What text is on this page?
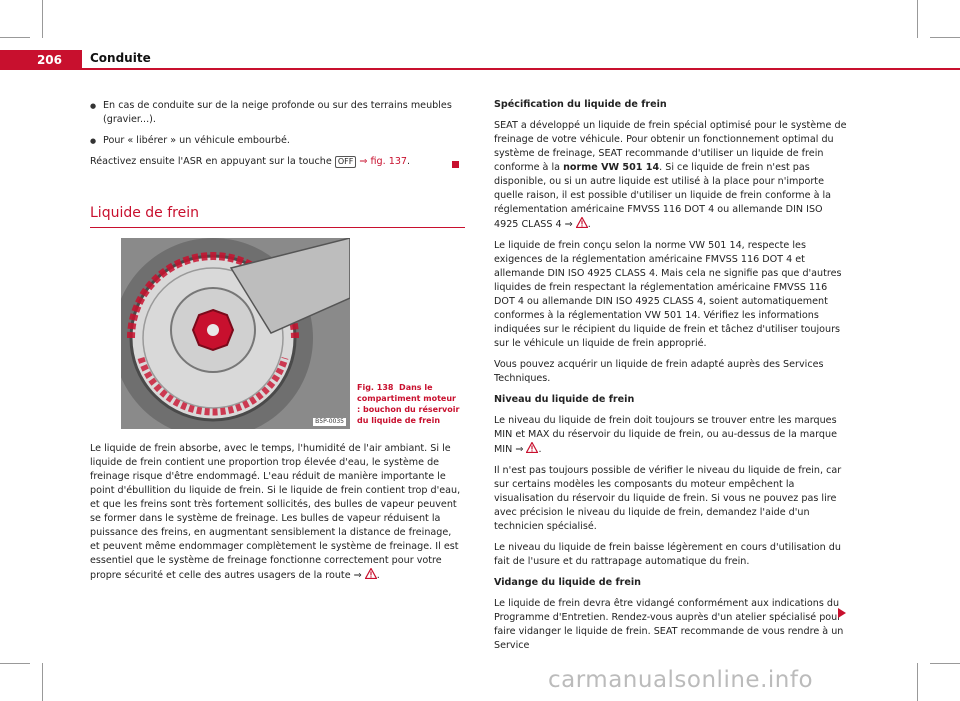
206 Conduite

● En cas de conduite sur de la neige profonde ou sur des terrains meubles (gravier...).

● Pour « libérer » un véhicule embourbé.

Réactivez ensuite l'ASR en appuyant sur la touche OFF ⇒ fig. 137.

Liquide de frein
B5P-0035
Fig. 138 Dans le compartiment moteur : bouchon du réservoir du liquide de frein

Le liquide de frein absorbe, avec le temps, l'humidité de l'air ambiant. Si le liquide de frein contient une proportion trop élevée d'eau, le système de freinage risque d'être endommagé. L'eau réduit de manière importante le point d'ébullition du liquide de frein. Si le liquide de frein contient trop d'eau, et que les freins sont très fortement sollicités, des bulles de vapeur peuvent se former dans le système de freinage. Les bulles de vapeur réduisent la puissance des freins, en augmentant sensiblement la distance de freinage, et peuvent même endommager complètement le système de freinage. Il est essentiel que le système de freinage fonctionne correctement pour votre propre sécurité et celle des autres usagers de la route ⇒ .

Spécification du liquide de frein

SEAT a développé un liquide de frein spécial optimisé pour le système de freinage de votre véhicule. Pour obtenir un fonctionnement optimal du système de freinage, SEAT recommande d'utiliser un liquide de frein conforme à la norme VW 501 14. Si ce liquide de frein n'est pas disponible, ou si un autre liquide est utilisé à la place pour n'importe quelle raison, il est possible d'utiliser un liquide de frein conforme à la réglementation américaine FMVSS 116 DOT 4 ou allemande DIN ISO 4925 CLASS 4 ⇒ .

Le liquide de frein conçu selon la norme VW 501 14, respecte les exigences de la réglementation américaine FMVSS 116 DOT 4 et allemande DIN ISO 4925 CLASS 4. Mais cela ne signifie pas que d'autres liquides de frein respectant la réglementation américaine FMVSS 116 DOT 4 ou allemande DIN ISO 4925 CLASS 4, soient automatiquement conformes à la réglementation VW 501 14. Vérifiez les informations indiquées sur le récipient du liquide de frein et tâchez d'utiliser toujours sur le véhicule un liquide de frein approprié.

Vous pouvez acquérir un liquide de frein adapté auprès des Services Techniques.

Niveau du liquide de frein

Le niveau du liquide de frein doit toujours se trouver entre les marques MIN et MAX du réservoir du liquide de frein, ou au-dessus de la marque MIN ⇒ .

Il n'est pas toujours possible de vérifier le niveau du liquide de frein, car sur certains modèles les composants du moteur empêchent la visualisation du réservoir du liquide de frein. Si vous ne pouvez pas lire avec précision le niveau du liquide de frein, demandez l'aide d'un technicien spécialisé.

Le niveau du liquide de frein baisse légèrement en cours d'utilisation du fait de l'usure et du rattrapage automatique du frein.

Vidange du liquide de frein

Le liquide de frein devra être vidangé conformément aux indications du Programme d'Entretien. Rendez-vous auprès d'un atelier spécialisé pour faire vidanger le liquide de frein. SEAT recommande de vous rendre à un Service

carmanualsonline.info
